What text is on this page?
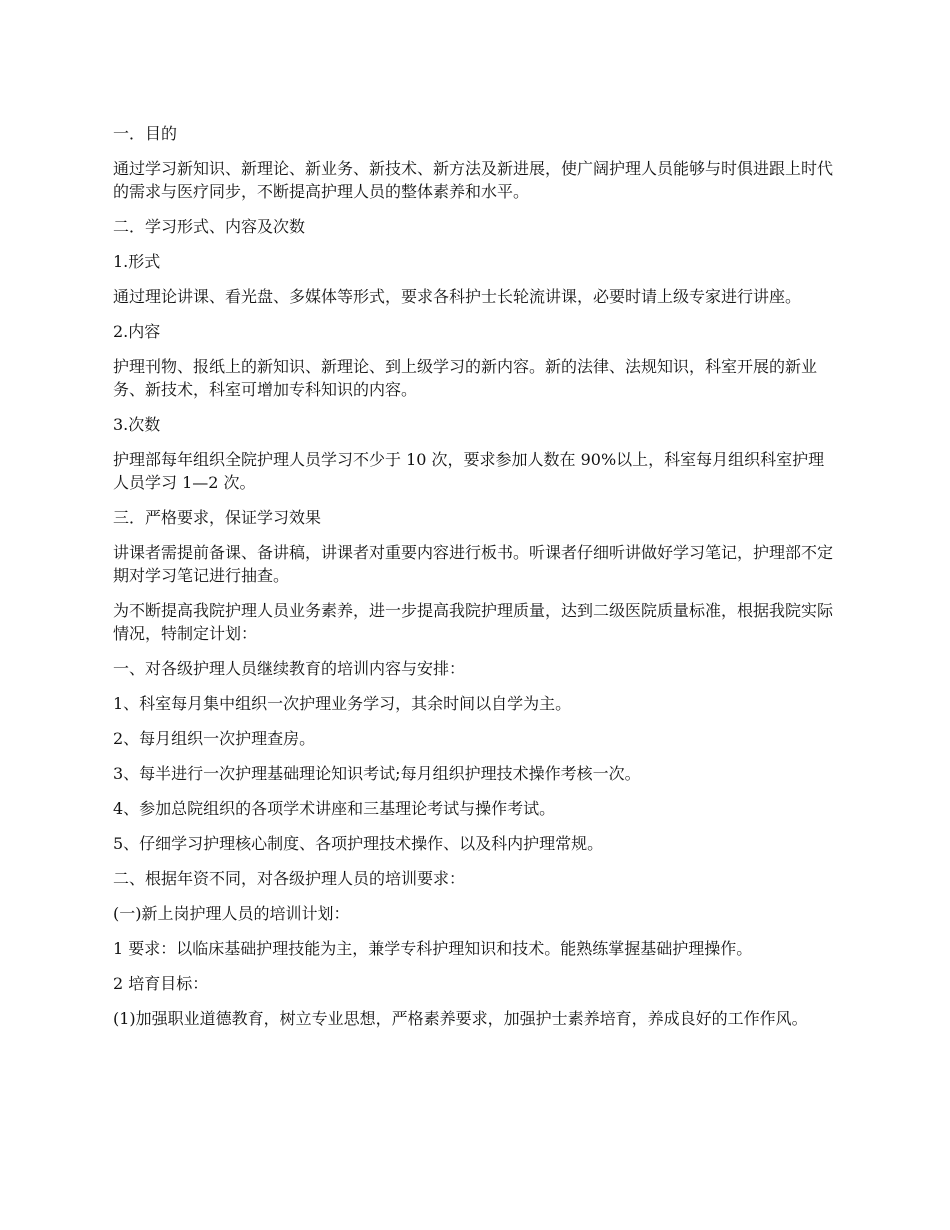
一．目的

通过学习新知识、新理论、新业务、新技术、新方法及新进展，使广阔护理人员能够与时俱进跟上时代的需求与医疗同步，不断提高护理人员的整体素养和水平。

二．学习形式、内容及次数

1.形式

通过理论讲课、看光盘、多媒体等形式，要求各科护士长轮流讲课，必要时请上级专家进行讲座。

2.内容

护理刊物、报纸上的新知识、新理论、到上级学习的新内容。新的法律、法规知识，科室开展的新业务、新技术，科室可增加专科知识的内容。

3.次数

护理部每年组织全院护理人员学习不少于 10 次，要求参加人数在 90%以上，科室每月组织科室护理人员学习 1—2 次。

三．严格要求，保证学习效果

讲课者需提前备课、备讲稿，讲课者对重要内容进行板书。听课者仔细听讲做好学习笔记，护理部不定期对学习笔记进行抽查。

为不断提高我院护理人员业务素养，进一步提高我院护理质量，达到二级医院质量标准，根据我院实际情况，特制定计划：

一、对各级护理人员继续教育的培训内容与安排：

1、科室每月集中组织一次护理业务学习，其余时间以自学为主。

2、每月组织一次护理查房。

3、每半进行一次护理基础理论知识考试;每月组织护理技术操作考核一次。

4、参加总院组织的各项学术讲座和三基理论考试与操作考试。

5、仔细学习护理核心制度、各项护理技术操作、以及科内护理常规。

二、根据年资不同，对各级护理人员的培训要求：

(一)新上岗护理人员的培训计划：

1 要求：以临床基础护理技能为主，兼学专科护理知识和技术。能熟练掌握基础护理操作。

2 培育目标：

(1)加强职业道德教育，树立专业思想，严格素养要求，加强护士素养培育，养成良好的工作作风。
